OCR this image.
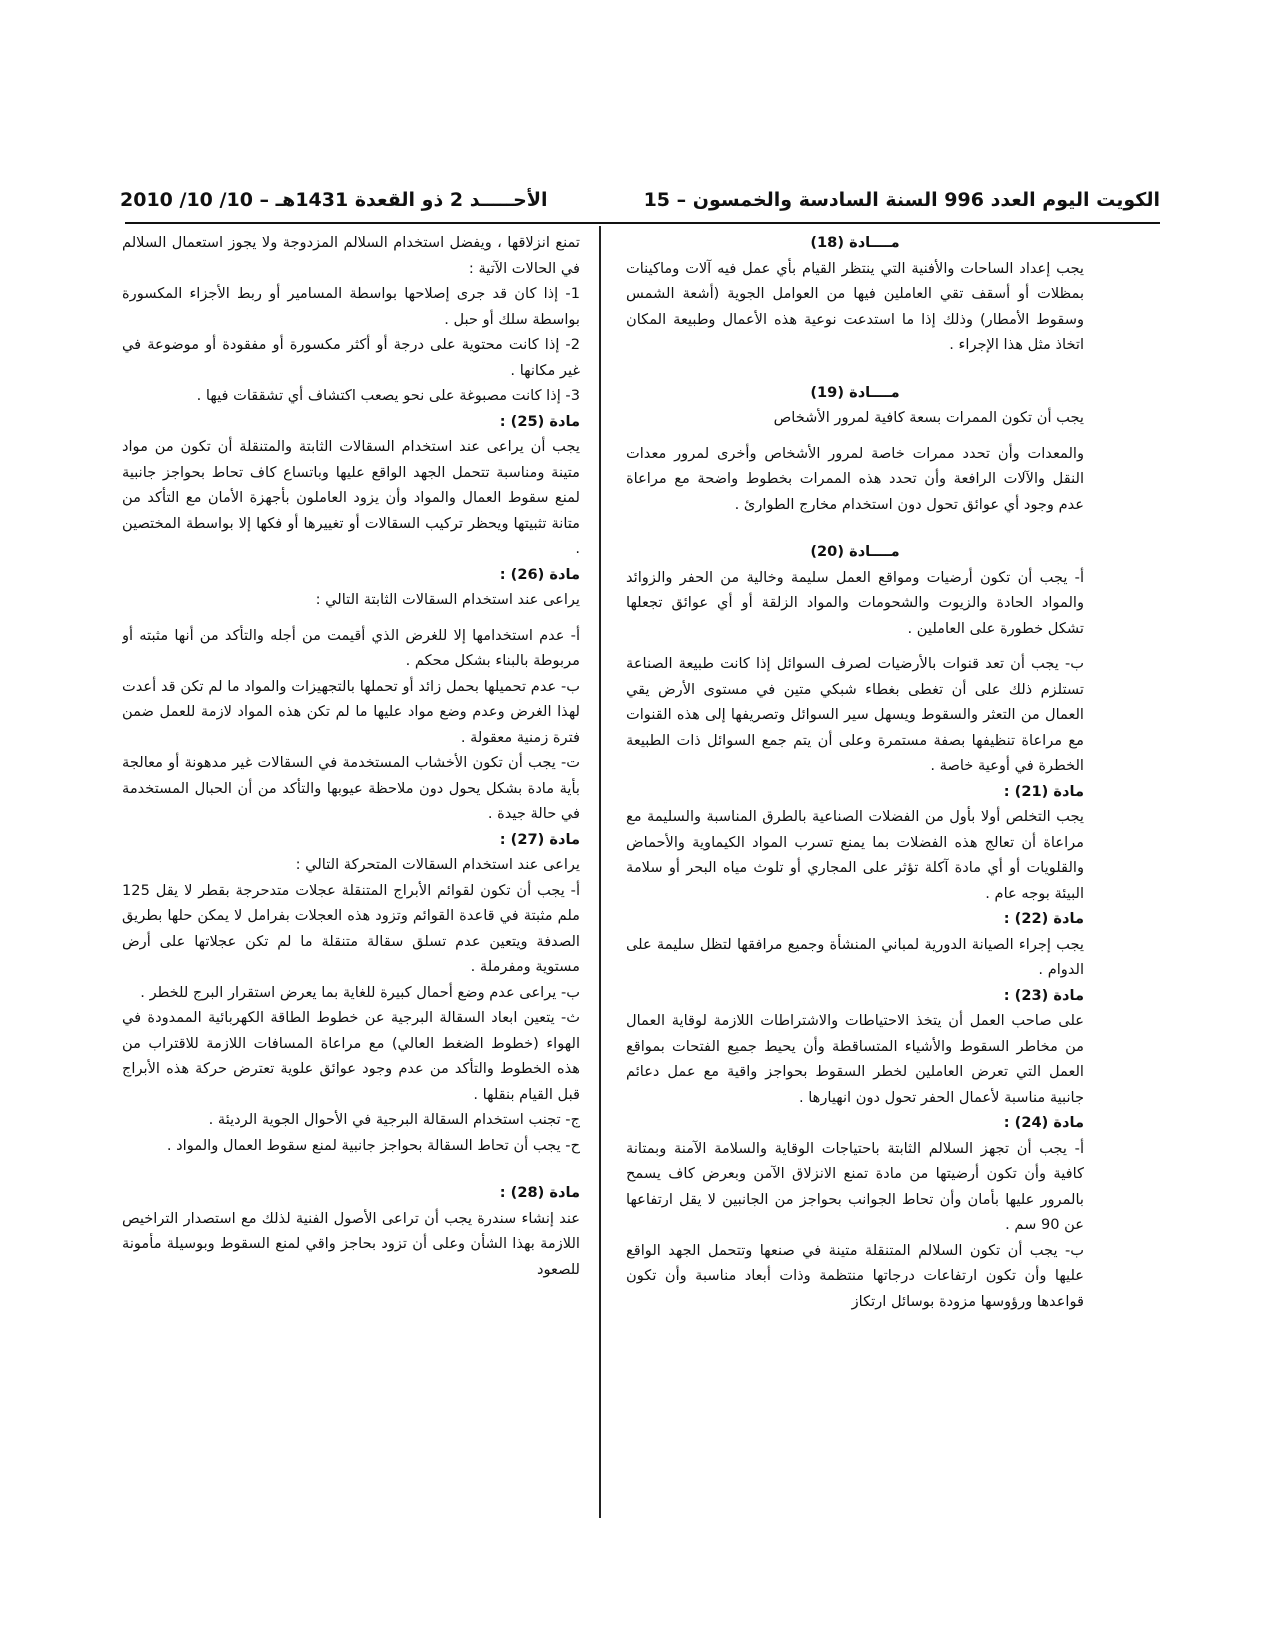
الكويت اليوم العدد 996 السنة السادسة والخمسون – 15
الأحـــــد 2 ذو القعدة 1431هـ – 10/ 10/ 2010

مــــادة (18)

يجب إعداد الساحات والأفنية التي ينتظر القيام بأي عمل فيه آلات وماكينات بمظلات أو أسقف تقي العاملين فيها من العوامل الجوية (أشعة الشمس وسقوط الأمطار) وذلك إذا ما استدعت نوعية هذه الأعمال وطبيعة المكان اتخاذ مثل هذا الإجراء .

مــــادة (19)

يجب أن تكون الممرات بسعة كافية لمرور الأشخاص

والمعدات وأن تحدد ممرات خاصة لمرور الأشخاص وأخرى لمرور معدات النقل والآلات الرافعة وأن تحدد هذه الممرات بخطوط واضحة مع مراعاة عدم وجود أي عوائق تحول دون استخدام مخارج الطوارئ .

مــــادة (20)

أ- يجب أن تكون أرضيات ومواقع العمل سليمة وخالية من الحفر والزوائد والمواد الحادة والزيوت والشحومات والمواد الزلقة أو أي عوائق تجعلها تشكل خطورة على العاملين .

ب- يجب أن تعد قنوات بالأرضيات لصرف السوائل إذا كانت طبيعة الصناعة تستلزم ذلك على أن تغطى بغطاء شبكي متين في مستوى الأرض يقي العمال من التعثر والسقوط ويسهل سير السوائل وتصريفها إلى هذه القنوات مع مراعاة تنظيفها بصفة مستمرة وعلى أن يتم جمع السوائل ذات الطبيعة الخطرة في أوعية خاصة .

مادة (21) :

يجب التخلص أولا بأول من الفضلات الصناعية بالطرق المناسبة والسليمة مع مراعاة أن تعالج هذه الفضلات بما يمنع تسرب المواد الكيماوية والأحماض والقلويات أو أي مادة آكلة تؤثر على المجاري أو تلوث مياه البحر أو سلامة البيئة بوجه عام .

مادة (22) :

يجب إجراء الصيانة الدورية لمباني المنشأة وجميع مرافقها لتظل سليمة على الدوام .

مادة (23) :

على صاحب العمل أن يتخذ الاحتياطات والاشتراطات اللازمة لوقاية العمال من مخاطر السقوط والأشياء المتساقطة وأن يحيط جميع الفتحات بمواقع العمل التي تعرض العاملين لخطر السقوط بحواجز واقية مع عمل دعائم جانبية مناسبة لأعمال الحفر تحول دون انهيارها .

مادة (24) :

أ- يجب أن تجهز السلالم الثابتة باحتياجات الوقاية والسلامة الآمنة وبمتانة كافية وأن تكون أرضيتها من مادة تمنع الانزلاق الآمن وبعرض كاف يسمح بالمرور عليها بأمان وأن تحاط الجوانب بحواجز من الجانبين لا يقل ارتفاعها عن 90 سم .

ب- يجب أن تكون السلالم المتنقلة متينة في صنعها وتتحمل الجهد الواقع عليها وأن تكون ارتفاعات درجاتها منتظمة وذات أبعاد مناسبة وأن تكون قواعدها ورؤوسها مزودة بوسائل ارتكاز

تمنع انزلاقها ، ويفضل استخدام السلالم المزدوجة ولا يجوز استعمال السلالم في الحالات الآتية :

1- إذا كان قد جرى إصلاحها بواسطة المسامير أو ربط الأجزاء المكسورة بواسطة سلك أو حبل .

2- إذا كانت محتوية على درجة أو أكثر مكسورة أو مفقودة أو موضوعة في غير مكانها .

3- إذا كانت مصبوغة على نحو يصعب اكتشاف أي تشققات فيها .

مادة (25) :

يجب أن يراعى عند استخدام السقالات الثابتة والمتنقلة أن تكون من مواد متينة ومناسبة تتحمل الجهد الواقع عليها وباتساع كاف تحاط بحواجز جانبية لمنع سقوط العمال والمواد وأن يزود العاملون بأجهزة الأمان مع التأكد من متانة تثبيتها ويحظر تركيب السقالات أو تغييرها أو فكها إلا بواسطة المختصين .

مادة (26) :

يراعى عند استخدام السقالات الثابتة التالي :

أ- عدم استخدامها إلا للغرض الذي أقيمت من أجله والتأكد من أنها مثبته أو مربوطة بالبناء بشكل محكم .

ب- عدم تحميلها بحمل زائد أو تحملها بالتجهيزات والمواد ما لم تكن قد أعدت لهذا الغرض وعدم وضع مواد عليها ما لم تكن هذه المواد لازمة للعمل ضمن فترة زمنية معقولة .

ت- يجب أن تكون الأخشاب المستخدمة في السقالات غير مدهونة أو معالجة بأية مادة بشكل يحول دون ملاحظة عيوبها والتأكد من أن الحبال المستخدمة في حالة جيدة .

مادة (27) :

يراعى عند استخدام السقالات المتحركة التالي :

أ- يجب أن تكون لقوائم الأبراج المتنقلة عجلات متدحرجة بقطر لا يقل 125 ملم مثبتة في قاعدة القوائم وتزود هذه العجلات بفرامل لا يمكن حلها بطريق الصدفة ويتعين عدم تسلق سقالة متنقلة ما لم تكن عجلاتها على أرض مستوية ومفرملة .

ب- يراعى عدم وضع أحمال كبيرة للغاية بما يعرض استقرار البرج للخطر .

ث- يتعين ابعاد السقالة البرجية عن خطوط الطاقة الكهربائية الممدودة في الهواء (خطوط الضغط العالي) مع مراعاة المسافات اللازمة للاقتراب من هذه الخطوط والتأكد من عدم وجود عوائق علوية تعترض حركة هذه الأبراج قبل القيام بنقلها .

ج- تجنب استخدام السقالة البرجية في الأحوال الجوية الرديئة .

ح- يجب أن تحاط السقالة بحواجز جانبية لمنع سقوط العمال والمواد .

مادة (28) :

عند إنشاء سندرة يجب أن تراعى الأصول الفنية لذلك مع استصدار التراخيص اللازمة بهذا الشأن وعلى أن تزود بحاجز واقي لمنع السقوط وبوسيلة مأمونة للصعود
